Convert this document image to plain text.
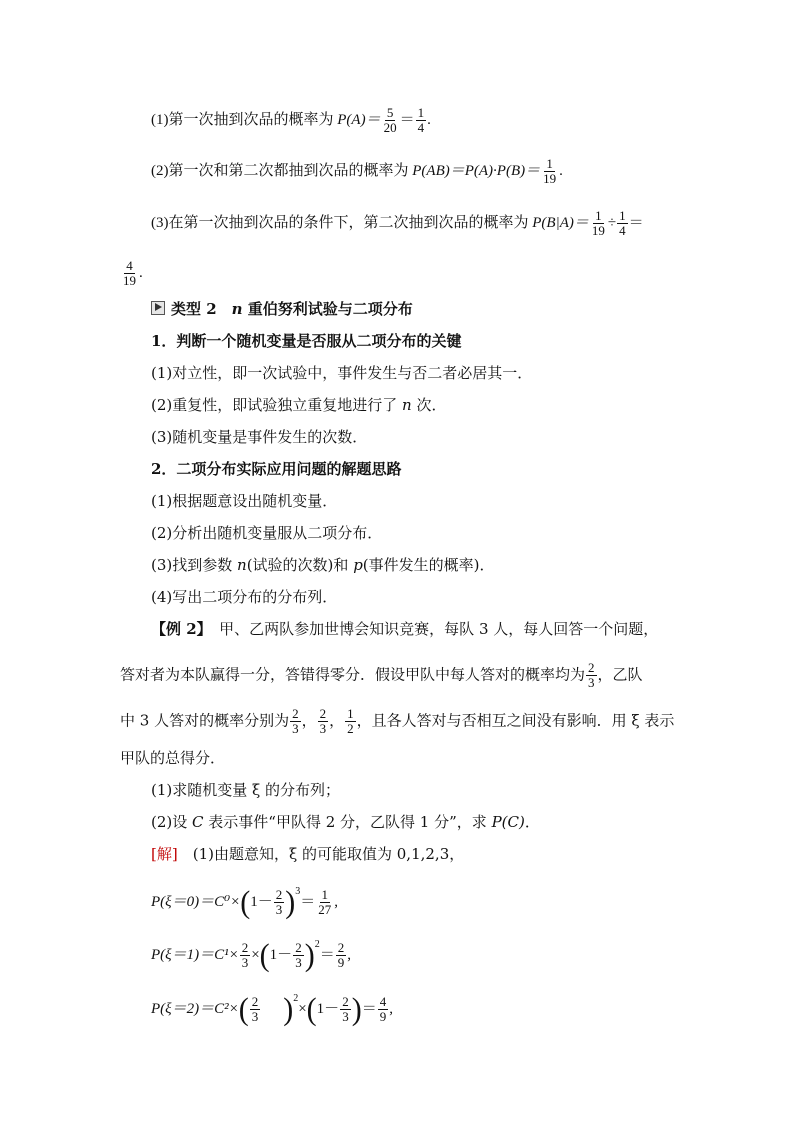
(1)第一次抽到次品的概率为 $P(A)= \frac{5}{20} = \frac{1}{4}$ .
(2)第一次和第二次都抽到次品的概率为 $P(AB)=P(A)\cdot P(B)= \frac{1}{19}$ .
(3)在第一次抽到次品的条件下，第二次抽到次品的概率为 $P(B|A)= \frac{1}{19} \div \frac{1}{4}$ ＝
$\frac{4}{19}$ .
类型 2　n 重伯努利试验与二项分布
1．判断一个随机变量是否服从二项分布的关键
(1)对立性，即一次试验中，事件发生与否二者必居其一．
(2)重复性，即试验独立重复地进行了 n 次．
(3)随机变量是事件发生的次数．
2．二项分布实际应用问题的解题思路
(1)根据题意设出随机变量．
(2)分析出随机变量服从二项分布．
(3)找到参数 n(试验的次数)和 p(事件发生的概率)．
(4)写出二项分布的分布列．
【例 2】　甲、乙两队参加世博会知识竞赛，每队 3 人，每人回答一个问题，
答对者为本队赢得一分，答错得零分．假设甲队中每人答对的概率均为 $\frac{2}{3}$ ，乙队
中 3 人答对的概率分别为 $\frac{2}{3}$ ， $\frac{2}{3}$ ， $\frac{1}{2}$ ，且各人答对与否相互之间没有影响．用 ξ 表示
甲队的总得分．
(1)求随机变量 ξ 的分布列；
(2)设 C 表示事件“甲队得 2 分，乙队得 1 分”，求 P(C)．
[解]　(1)由题意知，ξ 的可能取值为 0,1,2,3，
$P(\xi=0)=C^0\times(1- \frac{2}{3} )^3= \frac{1}{27}$ ,
$P(\xi=1)=C^1\times \frac{2}{3} \times(1- \frac{2}{3} )^2= \frac{2}{9}$ ,
$P(\xi=2)=C^2\times( \frac{2}{3} )^2\times(1- \frac{2}{3}$ )＝ $\frac{4}{9}$ ,
